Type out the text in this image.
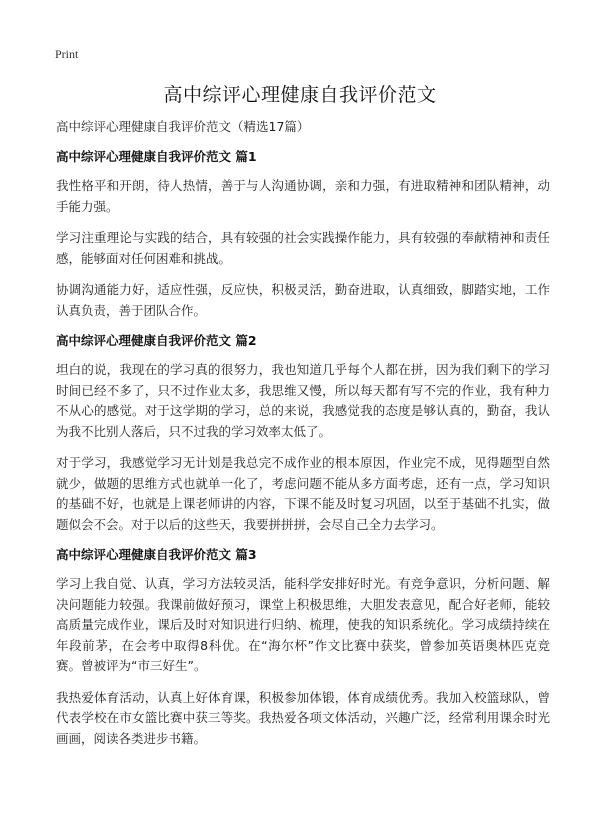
Print
高中综评心理健康自我评价范文

高中综评心理健康自我评价范文（精选17篇）

高中综评心理健康自我评价范文 篇1

我性格平和开朗，待人热情，善于与人沟通协调，亲和力强，有进取精神和团队精神，动手能力强。

学习注重理论与实践的结合，具有较强的社会实践操作能力，具有较强的奉献精神和责任感，能够面对任何困难和挑战。

协调沟通能力好，适应性强，反应快，积极灵活，勤奋进取，认真细致，脚踏实地，工作认真负责，善于团队合作。

高中综评心理健康自我评价范文 篇2

坦白的说，我现在的学习真的很努力，我也知道几乎每个人都在拼，因为我们剩下的学习时间已经不多了，只不过作业太多，我思维又慢，所以每天都有写不完的作业，我有种力不从心的感觉。对于这学期的学习，总的来说，我感觉我的态度是够认真的，勤奋，我认为我不比别人落后，只不过我的学习效率太低了。

对于学习，我感觉学习无计划是我总完不成作业的根本原因，作业完不成，见得题型自然就少，做题的思维方式也就单一化了，考虑问题不能从多方面考虑，还有一点，学习知识的基础不好，也就是上课老师讲的内容，下课不能及时复习巩固，以至于基础不扎实，做题似会不会。对于以后的这些天，我要拼拼拼，会尽自己全力去学习。

高中综评心理健康自我评价范文 篇3

学习上我自觉、认真，学习方法较灵活，能科学安排好时光。有竞争意识，分析问题、解决问题能力较强。我课前做好预习，课堂上积极思维，大胆发表意见，配合好老师，能较高质量完成作业，课后及时对知识进行归纳、梳理，使我的知识系统化。学习成绩持续在年段前茅，在会考中取得8科优。在“海尔杯”作文比赛中获奖，曾参加英语奥林匹克竞赛。曾被评为“市三好生”。

我热爱体育活动，认真上好体育课，积极参加体锻，体育成绩优秀。我加入校篮球队，曾代表学校在市女篮比赛中获三等奖。我热爱各项文体活动，兴趣广泛，经常利用课余时光画画，阅读各类进步书籍。
